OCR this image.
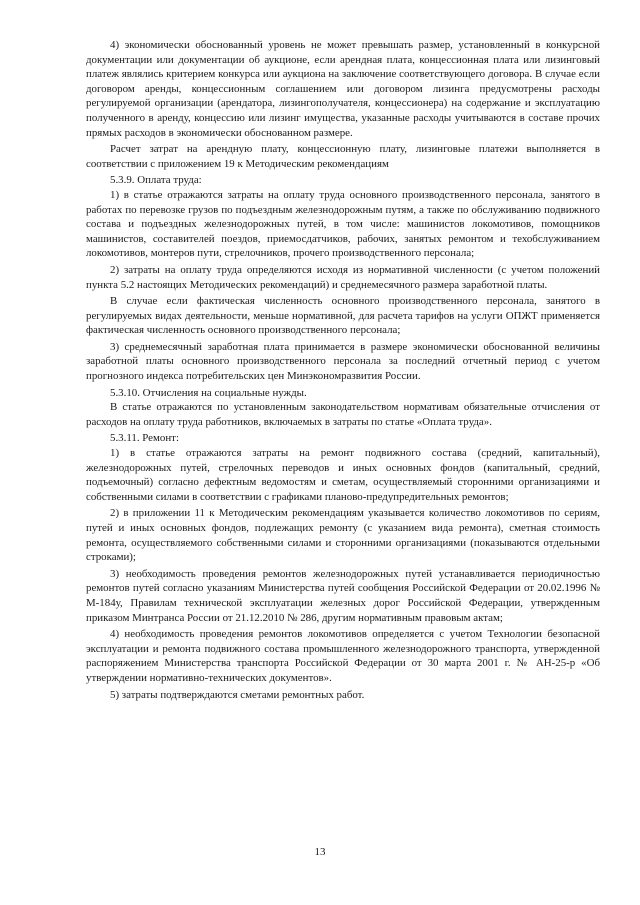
4) экономически обоснованный уровень не может превышать размер, установленный в конкурсной документации или документации об аукционе, если арендная плата, концессионная плата или лизинговый платеж являлись критерием конкурса или аукциона на заключение соответствующего договора. В случае если договором аренды, концессионным соглашением или договором лизинга предусмотрены расходы регулируемой организации (арендатора, лизингополучателя, концессионера) на содержание и эксплуатацию полученного в аренду, концессию или лизинг имущества, указанные расходы учитываются в составе прочих прямых расходов в экономически обоснованном размере.

Расчет затрат на арендную плату, концессионную плату, лизинговые платежи выполняется в соответствии с приложением 19 к Методическим рекомендациям

5.3.9. Оплата труда:

1) в статье отражаются затраты на оплату труда основного производственного персонала, занятого в работах по перевозке грузов по подъездным железнодорожным путям, а также по обслуживанию подвижного состава и подъездных железнодорожных путей, в том числе: машинистов локомотивов, помощников машинистов, составителей поездов, приемосдатчиков, рабочих, занятых ремонтом и техобслуживанием локомотивов, монтеров пути, стрелочников, прочего производственного персонала;

2) затраты на оплату труда определяются исходя из нормативной численности (с учетом положений пункта 5.2 настоящих Методических рекомендаций) и среднемесячного размера заработной платы.

В случае если фактическая численность основного производственного персонала, занятого в регулируемых видах деятельности, меньше нормативной, для расчета тарифов на услуги ОПЖТ применяется фактическая численность основного производственного персонала;

3) среднемесячный заработная плата принимается в размере экономически обоснованной величины заработной платы основного производственного персонала за последний отчетный период с учетом прогнозного индекса потребительских цен Минэкономразвития России.

5.3.10. Отчисления на социальные нужды.

В статье отражаются по установленным законодательством нормативам обязательные отчисления от расходов на оплату труда работников, включаемых в затраты по статье «Оплата труда».

5.3.11. Ремонт:

1) в статье отражаются затраты на ремонт подвижного состава (средний, капитальный), железнодорожных путей, стрелочных переводов и иных основных фондов (капитальный, средний, подъемочный) согласно дефектным ведомостям и сметам, осуществляемый сторонними организациями и собственными силами в соответствии с графиками планово-предупредительных ремонтов;

2) в приложении 11 к Методическим рекомендациям указывается количество локомотивов по сериям, путей и иных основных фондов, подлежащих ремонту (с указанием вида ремонта), сметная стоимость ремонта, осуществляемого собственными силами и сторонними организациями (показываются отдельными строками);

3) необходимость проведения ремонтов железнодорожных путей устанавливается периодичностью ремонтов путей согласно указаниям Министерства путей сообщения Российской Федерации от 20.02.1996 № М-184у, Правилам технической эксплуатации железных дорог Российской Федерации, утвержденным приказом Минтранса России от 21.12.2010 № 286, другим нормативным правовым актам;

4) необходимость проведения ремонтов локомотивов определяется с учетом Технологии безопасной эксплуатации и ремонта подвижного состава промышленного железнодорожного транспорта, утвержденной распоряжением Министерства транспорта Российской Федерации от 30 марта 2001 г. № АН-25-р «Об утверждении нормативно-технических документов».

5) затраты подтверждаются сметами ремонтных работ.

13
